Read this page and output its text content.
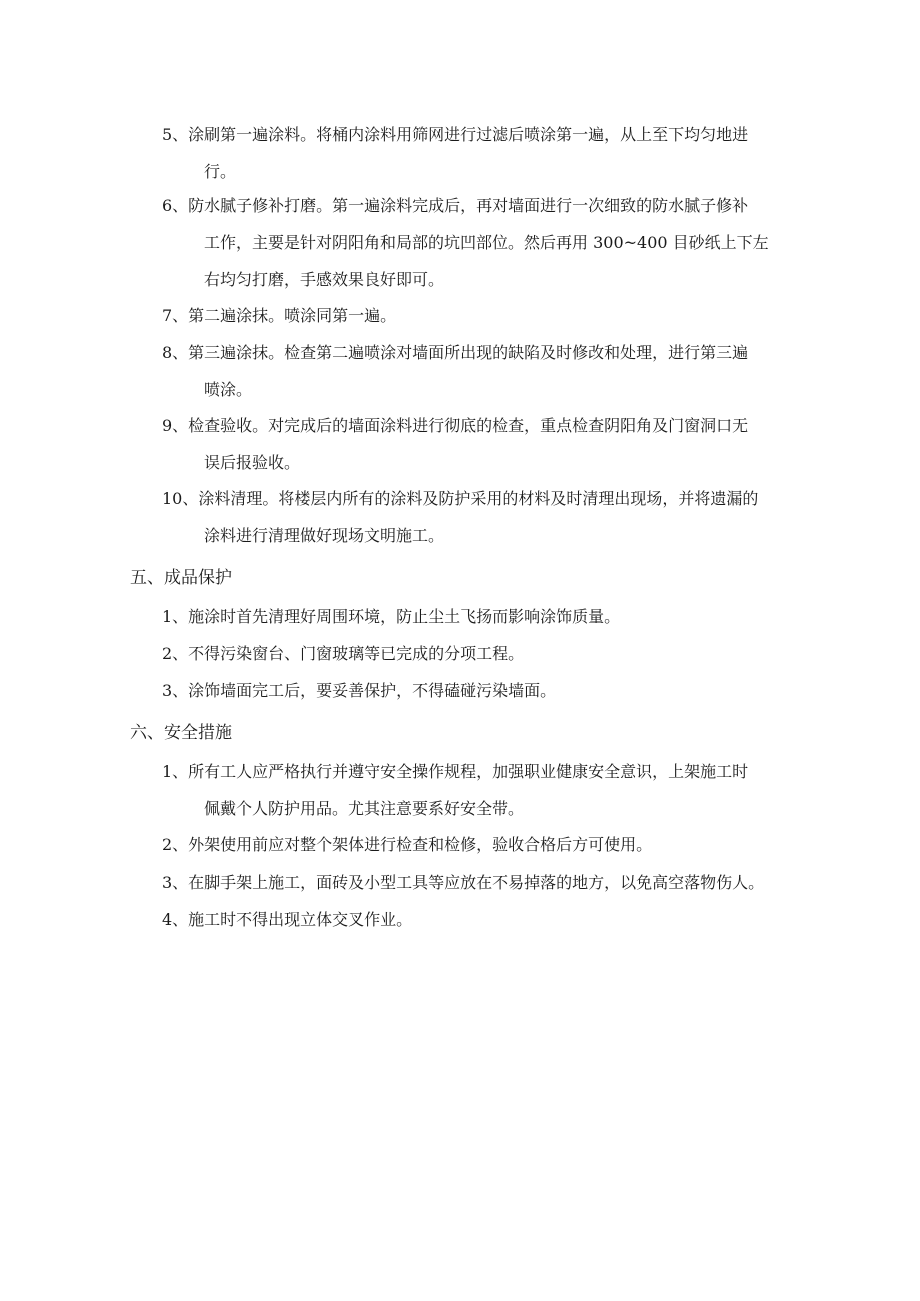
5、涂刷第一遍涂料。将桶内涂料用筛网进行过滤后喷涂第一遍，从上至下均匀地进
行。

6、防水腻子修补打磨。第一遍涂料完成后，再对墙面进行一次细致的防水腻子修补
工作，主要是针对阴阳角和局部的坑凹部位。然后再用 300~400 目砂纸上下左
右均匀打磨，手感效果良好即可。

7、第二遍涂抹。喷涂同第一遍。

8、第三遍涂抹。检查第二遍喷涂对墙面所出现的缺陷及时修改和处理，进行第三遍
喷涂。

9、检查验收。对完成后的墙面涂料进行彻底的检查，重点检查阴阳角及门窗洞口无
误后报验收。

10、涂料清理。将楼层内所有的涂料及防护采用的材料及时清理出现场，并将遗漏的
涂料进行清理做好现场文明施工。

五、成品保护

1、施涂时首先清理好周围环境，防止尘土飞扬而影响涂饰质量。

2、不得污染窗台、门窗玻璃等已完成的分项工程。

3、涂饰墙面完工后，要妥善保护，不得磕碰污染墙面。

六、安全措施

1、所有工人应严格执行并遵守安全操作规程，加强职业健康安全意识，上架施工时
佩戴个人防护用品。尤其注意要系好安全带。

2、外架使用前应对整个架体进行检查和检修，验收合格后方可使用。

3、在脚手架上施工，面砖及小型工具等应放在不易掉落的地方，以免高空落物伤人。

4、施工时不得出现立体交叉作业。
